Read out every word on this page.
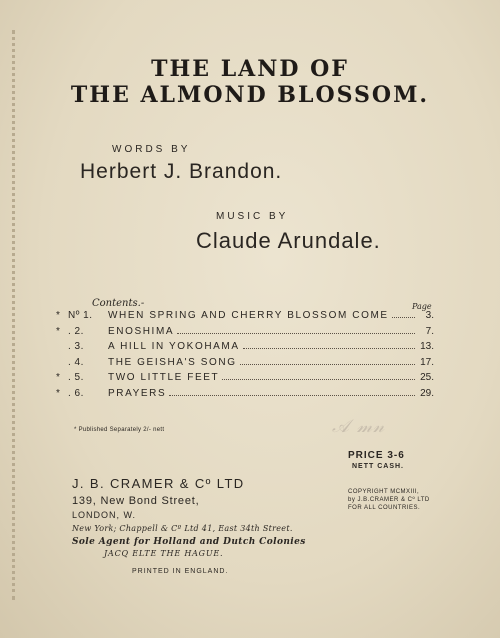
THE LAND OF
THE ALMOND BLOSSOM.
WORDS BY
Herbert J. Brandon.
MUSIC BY
Claude Arundale.
Contents.-	Page
* Nº 1.	WHEN SPRING AND CHERRY BLOSSOM COME	3.
* . 2.	ENOSHIMA	7.
. 3.	A HILL IN YOKOHAMA	13.
. 4.	THE GEISHA'S SONG	17.
* . 5.	TWO LITTLE FEET	25.
* . 6.	PRAYERS	29.
* Published Separately 2/- nett	𝒜 𝓂𝓃
PRICE 3-6
NETT CASH.
COPYRIGHT MCMXIII,
by J.B.CRAMER & Cº LTD
FOR ALL COUNTRIES.
J. B. CRAMER & Cº LTD
139, New Bond Street,
LONDON, W.
New York; Chappell & Cº Ltd 41, East 34th Street.
Sole Agent for Holland and Dutch Colonies
JACQ ELTE THE HAGUE.
PRINTED IN ENGLAND.
